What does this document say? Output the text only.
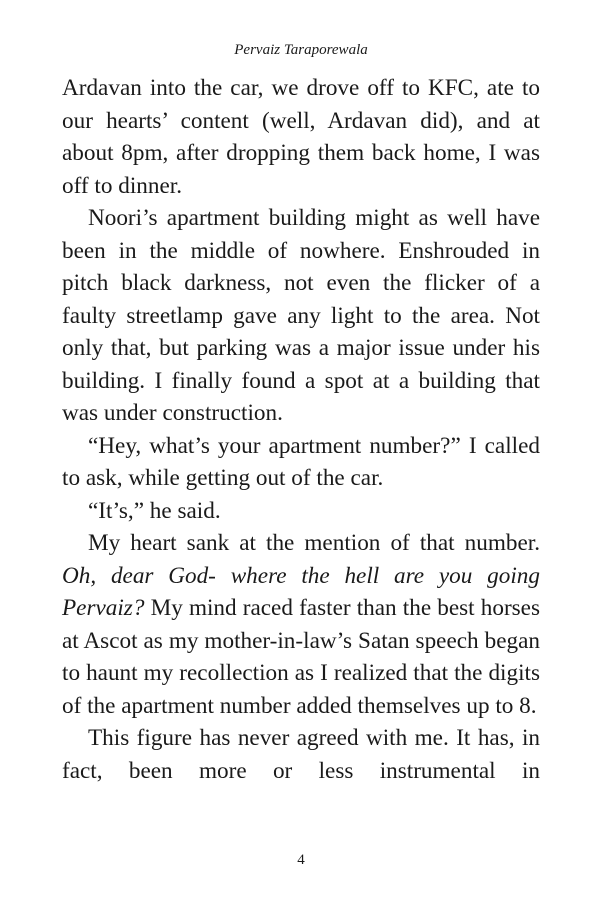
Pervaiz Taraporewala

Ardavan into the car, we drove off to KFC, ate to our hearts’ content (well, Ardavan did), and at about 8pm, after dropping them back home, I was off to dinner.

Noori’s apartment building might as well have been in the middle of nowhere. Enshrouded in pitch black darkness, not even the flicker of a faulty streetlamp gave any light to the area. Not only that, but parking was a major issue under his building. I finally found a spot at a building that was under construction.

“Hey, what’s your apartment number?” I called to ask, while getting out of the car.

“It’s,” he said.

My heart sank at the mention of that number. Oh, dear God- where the hell are you going Pervaiz? My mind raced faster than the best horses at Ascot as my mother-in-law’s Satan speech began to haunt my recollection as I realized that the digits of the apartment number added themselves up to 8.

This figure has never agreed with me. It has, in fact, been more or less instrumental in

4
